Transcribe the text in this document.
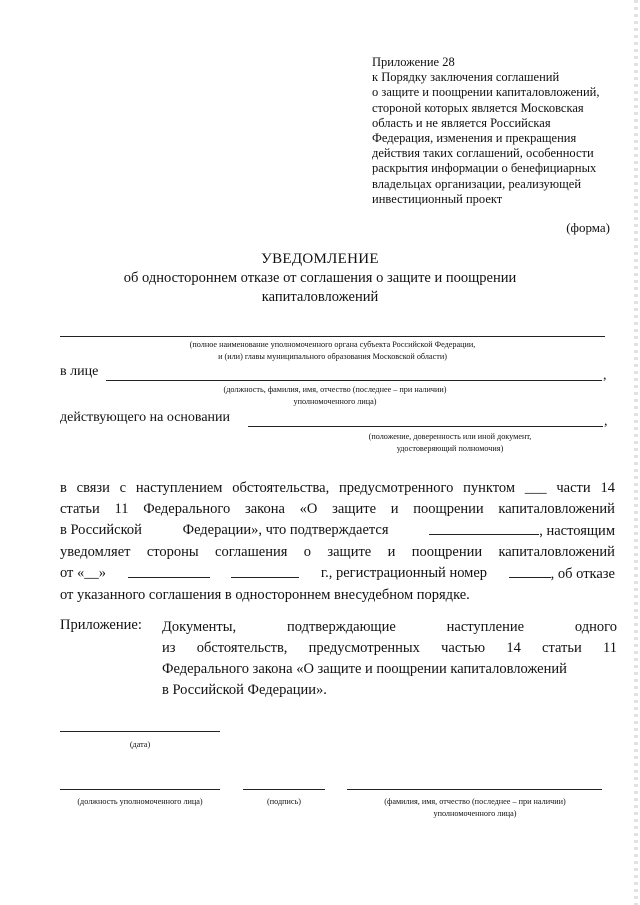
Приложение 28
к Порядку заключения соглашений
о защите и поощрении капиталовложений,
стороной которых является Московская
область и не является Российская
Федерация, изменения и прекращения
действия таких соглашений, особенности
раскрытия информации о бенефициарных
владельцах организации, реализующей
инвестиционный проект
(форма)
УВЕДОМЛЕНИЕ
об одностороннем отказе от соглашения о защите и поощрении
капиталовложений
(полное наименование уполномоченного органа субъекта Российской Федерации,
и (или) главы муниципального образования Московской области)
в лице	,
(должность, фамилия, имя, отчество (последнее – при наличии)
уполномоченного лица)
действующего на основании	,
(положение, доверенность или иной документ,
удостоверяющий полномочия)
в связи с наступлением обстоятельства, предусмотренного пунктом ___ части 14
статьи 11 Федерального закона «О защите и поощрении капиталовложений
в Российской	Федерации», что подтверждается	, настоящим
уведомляет стороны соглашения о защите и поощрении капиталовложений
от «__»	г., регистрационный номер	, об отказе
от указанного соглашения в одностороннем внесудебном порядке.
Приложение: Документы,	подтверждающие	наступление	одного
из обстоятельств, предусмотренных частью 14 статьи 11
Федерального закона «О защите и поощрении капиталовложений
в Российской Федерации».
(дата)
(должность уполномоченного лица)	(подпись)	(фамилия, имя, отчество (последнее – при наличии)
уполномоченного лица)
